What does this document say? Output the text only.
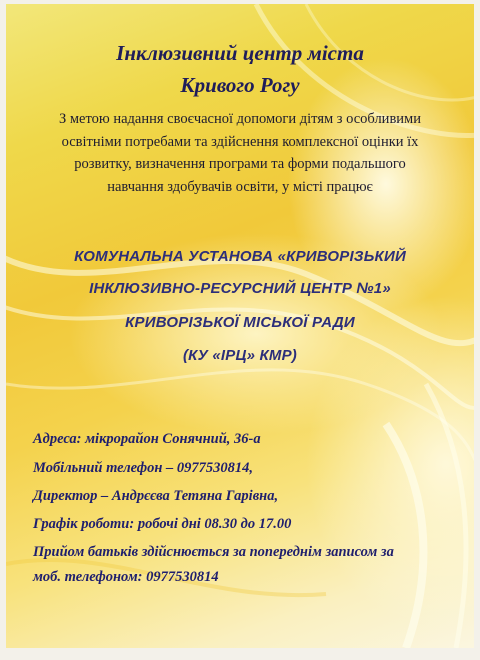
Інклюзивний центр міста
Кривого Рогу
З метою надання своєчасної допомоги дітям з особливими
освітніми потребами та здійснення комплексної оцінки їх
розвитку, визначення програми та форми подальшого
навчання здобувачів освіти, у місті працює
КОМУНАЛЬНА УСТАНОВА «КРИВОРІЗЬКИЙ
ІНКЛЮЗИВНО-РЕСУРСНИЙ ЦЕНТР №1»
КРИВОРІЗЬКОЇ МІСЬКОЇ РАДИ
(КУ «ІРЦ» КМР)
Адреса: мікрорайон Сонячний, 36-а
Мобільний телефон – 0977530814,
Директор – Андрєєва Тетяна Гарівна,
Графік роботи: робочі дні 08.30 до 17.00
Прийом батьків здійснюється за попереднім записом за
моб. телефоном: 0977530814
